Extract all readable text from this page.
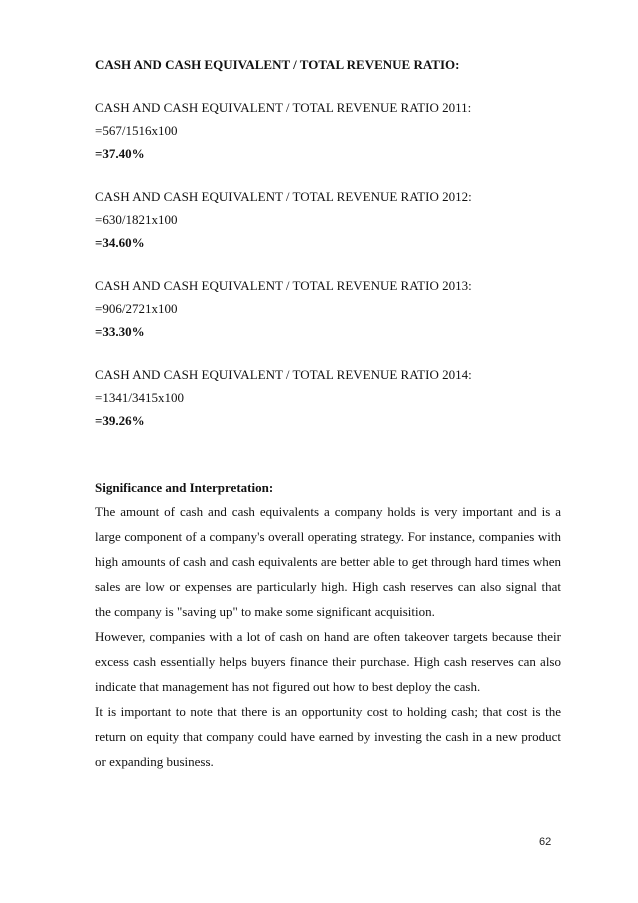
CASH AND CASH EQUIVALENT / TOTAL REVENUE RATIO:

CASH AND CASH EQUIVALENT / TOTAL REVENUE RATIO 2011:

=567/1516x100

=37.40%

CASH AND CASH EQUIVALENT / TOTAL REVENUE RATIO 2012:

=630/1821x100

=34.60%

CASH AND CASH EQUIVALENT / TOTAL REVENUE RATIO 2013:

=906/2721x100

=33.30%

CASH AND CASH EQUIVALENT / TOTAL REVENUE RATIO 2014:

=1341/3415x100

=39.26%

Significance and Interpretation:

The amount of cash and cash equivalents a company holds is very important and is a large component of a company's overall operating strategy. For instance, companies with high amounts of cash and cash equivalents are better able to get through hard times when sales are low or expenses are particularly high. High cash reserves can also signal that the company is "saving up" to make some significant acquisition.

However, companies with a lot of cash on hand are often takeover targets because their excess cash essentially helps buyers finance their purchase. High cash reserves can also indicate that management has not figured out how to best deploy the cash.

It is important to note that there is an opportunity cost to holding cash; that cost is the return on equity that company could have earned by investing the cash in a new product or expanding business.

62
